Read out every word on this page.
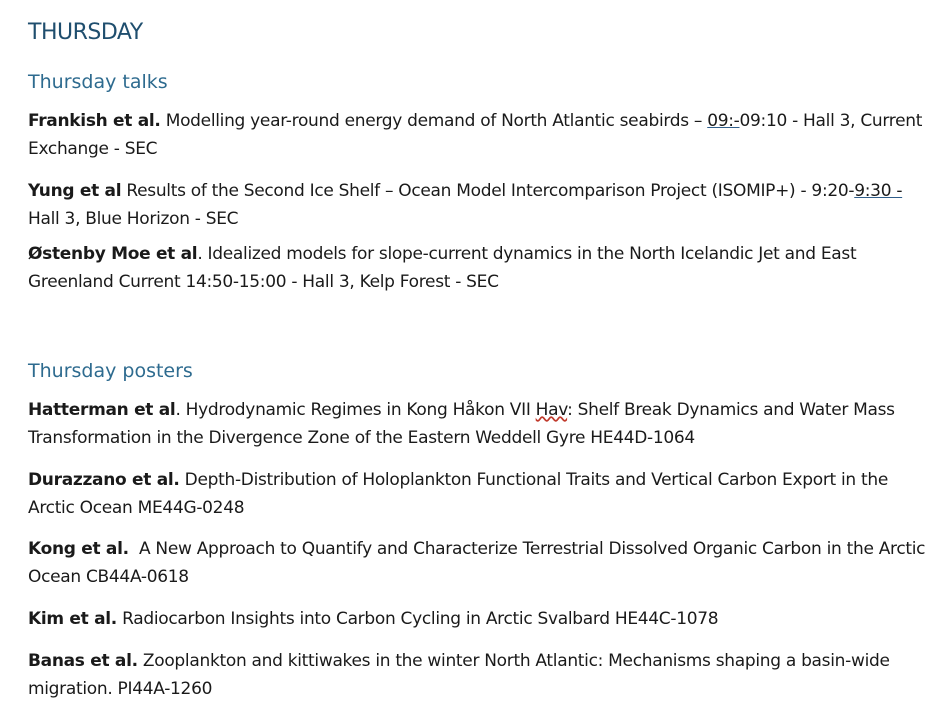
THURSDAY
Thursday talks
Frankish et al. Modelling year-round energy demand of North Atlantic seabirds – 09:-09:10 - Hall 3, Current Exchange - SEC
Yung et al Results of the Second Ice Shelf – Ocean Model Intercomparison Project (ISOMIP+) - 9:20-9:30 - Hall 3, Blue Horizon - SEC
Østenby Moe et al. Idealized models for slope-current dynamics in the North Icelandic Jet and East Greenland Current 14:50-15:00 - Hall 3, Kelp Forest - SEC
Thursday posters
Hatterman et al. Hydrodynamic Regimes in Kong Håkon VII Hav: Shelf Break Dynamics and Water Mass Transformation in the Divergence Zone of the Eastern Weddell Gyre HE44D-1064
Durazzano et al. Depth-Distribution of Holoplankton Functional Traits and Vertical Carbon Export in the Arctic Ocean ME44G-0248
Kong et al.  A New Approach to Quantify and Characterize Terrestrial Dissolved Organic Carbon in the Arctic Ocean CB44A-0618
Kim et al. Radiocarbon Insights into Carbon Cycling in Arctic Svalbard HE44C-1078
Banas et al. Zooplankton and kittiwakes in the winter North Atlantic: Mechanisms shaping a basin-wide migration. PI44A-1260
